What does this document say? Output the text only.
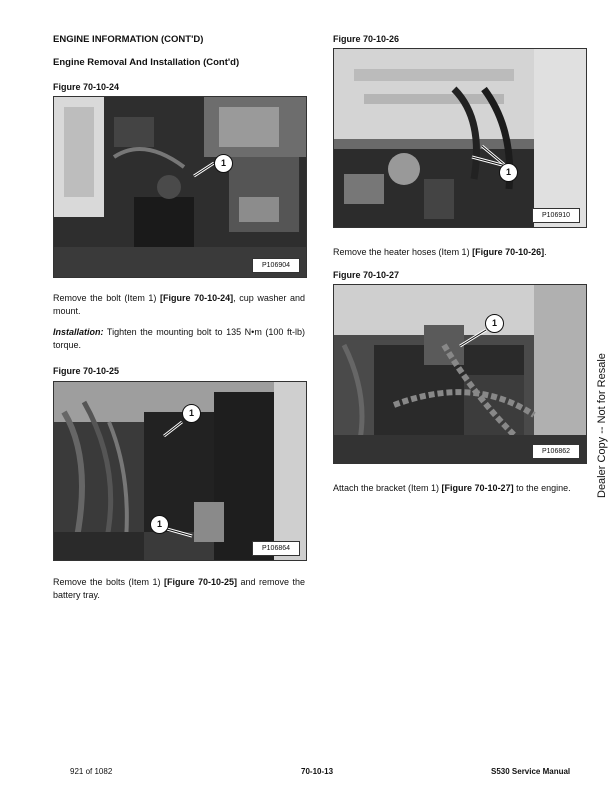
ENGINE INFORMATION (CONT'D)
Engine Removal And Installation (Cont'd)
Figure 70-10-24
1
P106904
Remove the bolt (Item 1) [Figure 70-10-24], cup washer and mount.
Installation: Tighten the mounting bolt to 135 N•m (100 ft-lb) torque.
Figure 70-10-25
1
1
P106864
Remove the bolts (Item 1) [Figure 70-10-25] and remove the battery tray.
Figure 70-10-26
1
P106910
Remove the heater hoses (Item 1) [Figure 70-10-26].
Figure 70-10-27
1
P106862
Attach the bracket (Item 1) [Figure 70-10-27] to the engine.	Dealer Copy -- Not for Resale
921 of 1082	70-10-13	S530 Service Manual
